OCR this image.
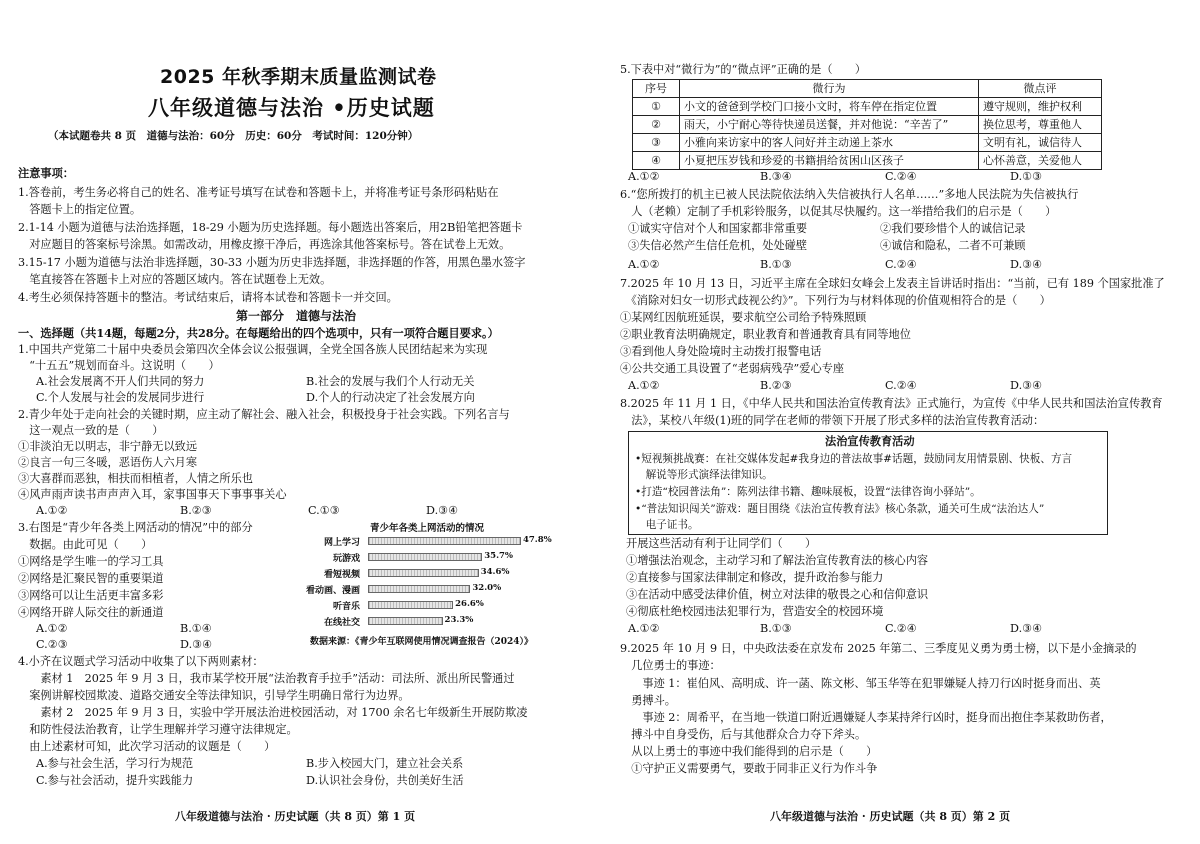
2025 年秋季期末质量监测试卷
八年级道德与法治 •历史试题
（本试题卷共 8 页　道德与法治：60分　历史：60分　考试时间：120分钟）
注意事项：
1.答卷前，考生务必将自己的姓名、准考证号填写在试卷和答题卡上，并将准考证号条形码粘贴在
　答题卡上的指定位置。
2.1-14 小题为道德与法治选择题，18-29 小题为历史选择题。每小题选出答案后，用2B铅笔把答题卡
　对应题目的答案标号涂黑。如需改动，用橡皮擦干净后，再选涂其他答案标号。答在试卷上无效。
3.15-17 小题为道德与法治非选择题，30-33 小题为历史非选择题，非选择题的作答，用黑色墨水签字
　笔直接答在答题卡上对应的答题区域内。答在试题卷上无效。
4.考生必须保持答题卡的整洁。考试结束后，请将本试卷和答题卡一并交回。
第一部分　道德与法治
一、选择题（共14题，每题2分，共28分。在每题给出的四个选项中，只有一项符合题目要求。）
1.中国共产党第二十届中央委员会第四次全体会议公报强调，全党全国各族人民团结起来为实现
　“十五五”规划而奋斗。这说明（　　）
A.社会发展离不开人们共同的努力	B.社会的发展与我们个人行动无关
C.个人发展与社会的发展同步进行	D.个人的行动决定了社会发展方向
2.青少年处于走向社会的关键时期，应主动了解社会、融入社会，积极投身于社会实践。下列名言与
　这一观点一致的是（　　）
①非淡泊无以明志，非宁静无以致远
②良言一句三冬暖，恶语伤人六月寒
③大喜群而恶独，相扶而相植者，人情之所乐也
④风声雨声读书声声声入耳，家事国事天下事事事关心
A.①②	B.②③	C.①③	D.③④
3.右图是“青少年各类上网活动的情况”中的部分
　数据。由此可见（　　）
①网络是学生唯一的学习工具
②网络是汇聚民智的重要渠道
③网络可以让生活更丰富多彩
④网络开辟人际交往的新通道
A.①②	B.①④
C.②③	D.③④
青少年各类上网活动的情况
网上学习	47.8%
玩游戏	35.7%
看短视频	34.6%
看动画、漫画	32.0%
听音乐	26.6%
在线社交	23.3%
数据来源：《青少年互联网使用情况调查报告（2024）》
4.小齐在议题式学习活动中收集了以下两则素材：
　　素材 1　2025 年 9 月 3 日，我市某学校开展“法治教育手拉手”活动：司法所、派出所民警通过
　案例讲解校园欺凌、道路交通安全等法律知识，引导学生明确日常行为边界。
　　素材 2　2025 年 9 月 3 日，实验中学开展法治进校园活动，对 1700 余名七年级新生开展防欺凌
　和防性侵法治教育，让学生理解并学习遵守法律规定。
　由上述素材可知，此次学习活动的议题是（　　）
A.参与社会生活，学习行为规范	B.步入校园大门，建立社会关系
C.参与社会活动，提升实践能力	D.认识社会身份，共创美好生活
八年级道德与法治 · 历史试题（共 8 页）第 1 页
5.下表中对“微行为”的“微点评”正确的是（　　）
序号	微行为	微点评
①	小文的爸爸到学校门口接小文时，将车停在指定位置	遵守规则，维护权利
②	雨天，小宁耐心等待快递员送餐，并对他说：“辛苦了”	换位思考，尊重他人
③	小雅向来访家中的客人问好并主动递上茶水	文明有礼，诚信待人
④	小夏把压岁钱和珍爱的书籍捐给贫困山区孩子	心怀善意，关爱他人
A.①②	B.③④	C.②④	D.①③
6.“您所拨打的机主已被人民法院依法纳入失信被执行人名单……”多地人民法院为失信被执行
　人（老赖）定制了手机彩铃服务，以促其尽快履约。这一举措给我们的启示是（　　）
①诚实守信对个人和国家都非常重要	②我们要珍惜个人的诚信记录
③失信必然产生信任危机，处处碰壁	④诚信和隐私，二者不可兼顾
A.①②	B.①③	C.②④	D.③④
7.2025 年 10 月 13 日，习近平主席在全球妇女峰会上发表主旨讲话时指出：“当前，已有 189 个国家批准了
　《消除对妇女一切形式歧视公约》”。下列行为与材料体现的价值观相符合的是（　　）
①某网红因航班延误，要求航空公司给予特殊照顾
②职业教育法明确规定，职业教育和普通教育具有同等地位
③看到他人身处险境时主动拨打报警电话
④公共交通工具设置了“老弱病残孕”爱心专座
A.①②	B.②③	C.②④	D.③④
8.2025 年 11 月 1 日，《中华人民共和国法治宣传教育法》正式施行，为宣传《中华人民共和国法治宣传教育
　法》，某校八年级(1)班的同学在老师的带领下开展了形式多样的法治宣传教育活动：
法治宣传教育活动
•短视频挑战赛：在社交媒体发起#我身边的普法故事#话题，鼓励同友用情景剧、快板、方言
　解说等形式演绎法律知识。
•打造“校园普法角”：陈列法律书籍、趣味展板，设置“法律咨询小驿站”。
•“普法知识闯关”游戏：题目围绕《法治宣传教育法》核心条款，通关可生成“法治达人”
　电子证书。
开展这些活动有利于让同学们（　　）
①增强法治观念，主动学习和了解法治宣传教育法的核心内容
②直接参与国家法律制定和修改，提升政治参与能力
③在活动中感受法律价值，树立对法律的敬畏之心和信仰意识
④彻底杜绝校园违法犯罪行为，营造安全的校园环境
A.①②	B.①③	C.②④	D.③④
9.2025 年 10 月 9 日，中央政法委在京发布 2025 年第二、三季度见义勇为勇士榜，以下是小金摘录的
　几位勇士的事迹：
　　事迹 1：崔伯风、高明成、许一菡、陈文彬、邹玉华等在犯罪嫌疑人持刀行凶时挺身而出、英
　勇搏斗。
　　事迹 2：周希平，在当地一铁道口附近遇嫌疑人李某持斧行凶时，挺身而出抱住李某救助伤者，
　搏斗中自身受伤，后与其他群众合力夺下斧头。
　从以上勇士的事迹中我们能得到的启示是（　　）
　①守护正义需要勇气，要敢于同非正义行为作斗争
八年级道德与法治 · 历史试题（共 8 页）第 2 页
